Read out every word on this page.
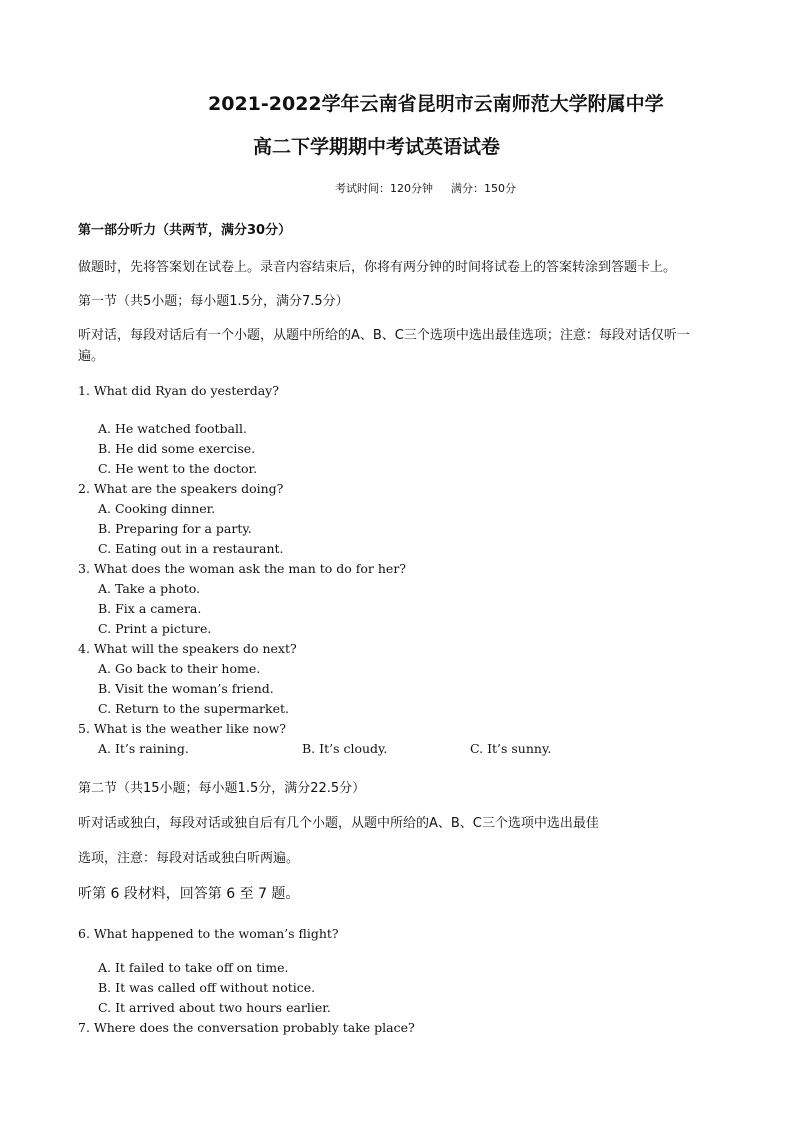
2021-2022学年云南省昆明市云南师范大学附属中学
高二下学期期中考试英语试卷
考试时间：120分钟 满分：150分
第一部分听力（共两节，满分30分）
做题时，先将答案划在试卷上。录音内容结束后，你将有两分钟的时间将试卷上的答案转涂到答题卡上。
第一节（共5小题；每小题1.5分，满分7.5分）
听对话，每段对话后有一个小题，从题中所给的A、B、C三个选项中选出最佳选项；注意：每段对话仅听一
遍。
1. What did Ryan do yesterday?
A. He watched football.
B. He did some exercise.
C. He went to the doctor.
2. What are the speakers doing?
A. Cooking dinner.
B. Preparing for a party.
C. Eating out in a restaurant.
3. What does the woman ask the man to do for her?
A. Take a photo.
B. Fix a camera.
C. Print a picture.
4. What will the speakers do next?
A. Go back to their home.
B. Visit the woman’s friend.
C. Return to the supermarket.
5. What is the weather like now?
A. It’s raining.	B. It’s cloudy.	C. It’s sunny.
第二节（共15小题；每小题1.5分，满分22.5分）
听对话或独白，每段对话或独自后有几个小题，从题中所给的A、B、C三个选项中选出最佳
选项，注意：每段对话或独白听两遍。
听第 6 段材料，回答第 6 至 7 题。
6. What happened to the woman’s flight?
A. It failed to take off on time.
B. It was called off without notice.
C. It arrived about two hours earlier.
7. Where does the conversation probably take place?
